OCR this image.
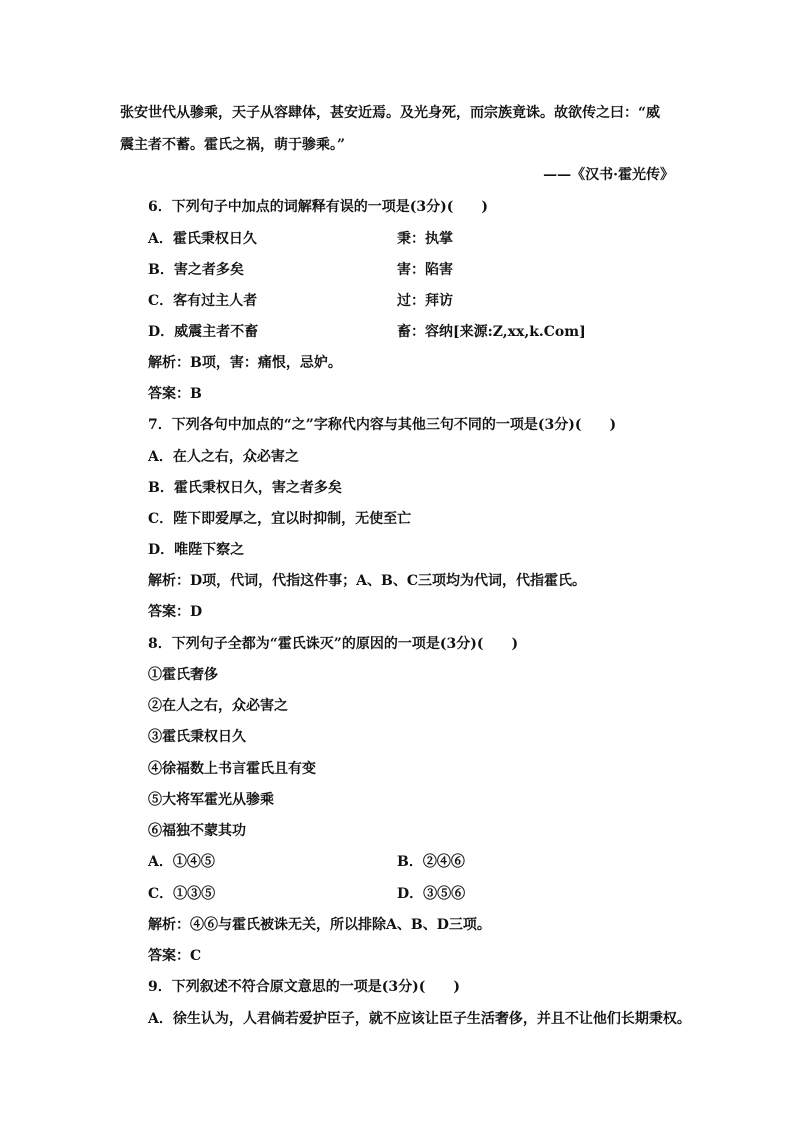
张安世代从骖乘，天子从容肆体，甚安近焉。及光身死，而宗族竟诛。故欲传之曰：“威
震主者不蓄。霍氏之祸，萌于骖乘。”
——《汉书·霍光传》
6．下列句子中加点的词解释有误的一项是(3分)(　　)
A．霍氏秉权日久	秉：执掌
B．害之者多矣	害：陷害
C．客有过主人者	过：拜访
D．威震主者不畜	畜：容纳[来源:Z,xx,k.Com]
解析：B项，害：痛恨，忌妒。
答案：B
7．下列各句中加点的“之”字称代内容与其他三句不同的一项是(3分)(　　)
A．在人之右，众必害之
B．霍氏秉权日久，害之者多矣
C．陛下即爱厚之，宜以时抑制，无使至亡
D．唯陛下察之
解析：D项，代词，代指这件事；A、B、C三项均为代词，代指霍氏。
答案：D
8．下列句子全都为“霍氏诛灭”的原因的一项是(3分)(　　)
①霍氏奢侈
②在人之右，众必害之
③霍氏秉权日久
④徐福数上书言霍氏且有变
⑤大将军霍光从骖乘
⑥福独不蒙其功
A．①④⑤	B．②④⑥
C．①③⑤	D．③⑤⑥
解析：④⑥与霍氏被诛无关，所以排除A、B、D三项。
答案：C
9．下列叙述不符合原文意思的一项是(3分)(　　)
A．徐生认为，人君倘若爱护臣子，就不应该让臣子生活奢侈，并且不让他们长期秉权。
